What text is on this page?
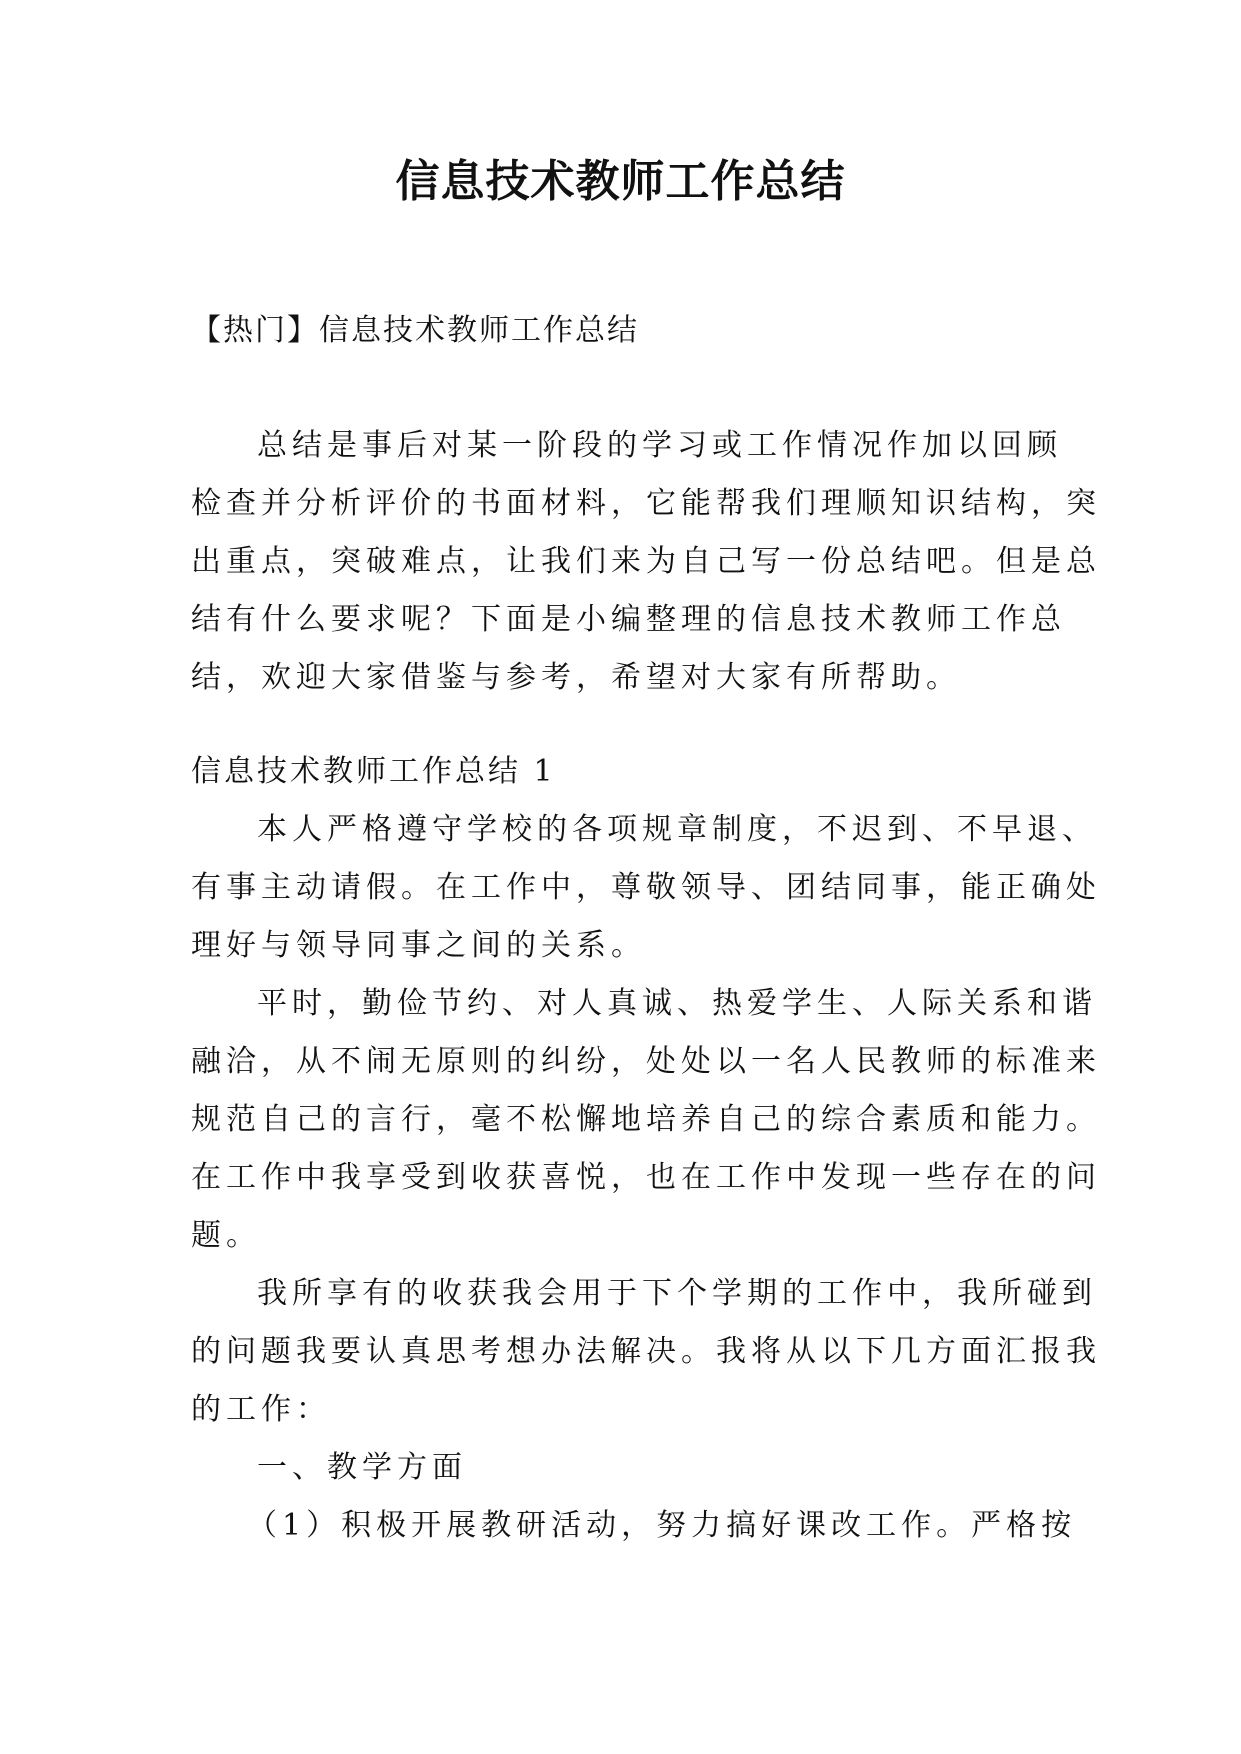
信息技术教师工作总结
【热门】信息技术教师工作总结
总结是事后对某一阶段的学习或工作情况作加以回顾
检查并分析评价的书面材料，它能帮我们理顺知识结构，突
出重点，突破难点，让我们来为自己写一份总结吧。但是总
结有什么要求呢？下面是小编整理的信息技术教师工作总
结，欢迎大家借鉴与参考，希望对大家有所帮助。
信息技术教师工作总结 1
本人严格遵守学校的各项规章制度，不迟到、不早退、
有事主动请假。在工作中，尊敬领导、团结同事，能正确处
理好与领导同事之间的关系。
平时，勤俭节约、对人真诚、热爱学生、人际关系和谐
融洽，从不闹无原则的纠纷，处处以一名人民教师的标准来
规范自己的言行，毫不松懈地培养自己的综合素质和能力。
在工作中我享受到收获喜悦，也在工作中发现一些存在的问
题。
我所享有的收获我会用于下个学期的工作中，我所碰到
的问题我要认真思考想办法解决。我将从以下几方面汇报我
的工作：
一、教学方面
（1）积极开展教研活动，努力搞好课改工作。严格按
